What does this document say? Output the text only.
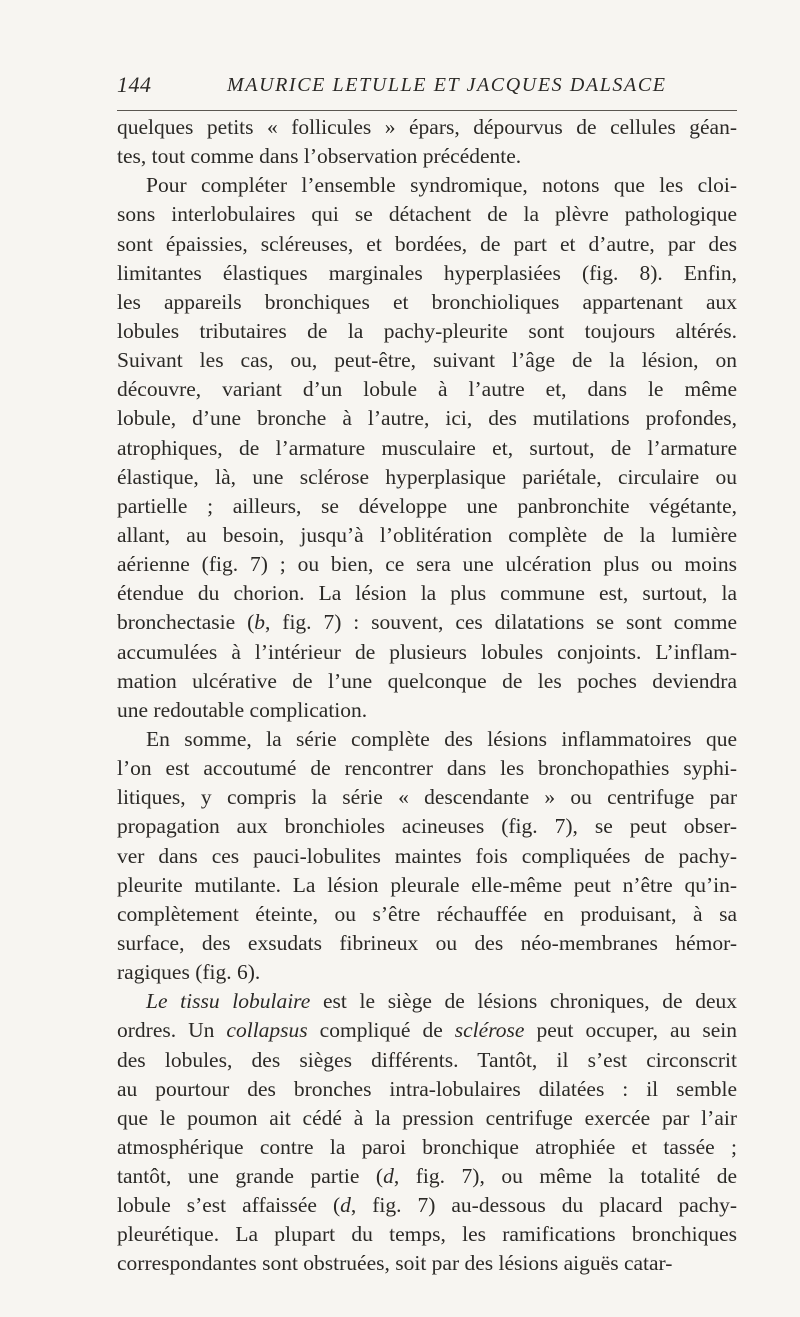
144	MAURICE LETULLE ET JACQUES DALSACE
quelques petits « follicules » épars, dépourvus de cellules géan-
tes, tout comme dans l’observation précédente.
Pour compléter l’ensemble syndromique, notons que les cloi-
sons interlobulaires qui se détachent de la plèvre pathologique
sont épaissies, scléreuses, et bordées, de part et d’autre, par des
limitantes élastiques marginales hyperplasiées (fig. 8). Enfin,
les appareils bronchiques et bronchioliques appartenant aux
lobules tributaires de la pachy-pleurite sont toujours altérés.
Suivant les cas, ou, peut-être, suivant l’âge de la lésion, on
découvre, variant d’un lobule à l’autre et, dans le même
lobule, d’une bronche à l’autre, ici, des mutilations profondes,
atrophiques, de l’armature musculaire et, surtout, de l’armature
élastique, là, une sclérose hyperplasique pariétale, circulaire ou
partielle ; ailleurs, se développe une panbronchite végétante,
allant, au besoin, jusqu’à l’oblitération complète de la lumière
aérienne (fig. 7) ; ou bien, ce sera une ulcération plus ou moins
étendue du chorion. La lésion la plus commune est, surtout, la
bronchectasie (b, fig. 7) : souvent, ces dilatations se sont comme
accumulées à l’intérieur de plusieurs lobules conjoints. L’inflam-
mation ulcérative de l’une quelconque de les poches deviendra
une redoutable complication.
En somme, la série complète des lésions inflammatoires que
l’on est accoutumé de rencontrer dans les bronchopathies syphi-
litiques, y compris la série « descendante » ou centrifuge par
propagation aux bronchioles acineuses (fig. 7), se peut obser-
ver dans ces pauci-lobulites maintes fois compliquées de pachy-
pleurite mutilante. La lésion pleurale elle-même peut n’être qu’in-
complètement éteinte, ou s’être réchauffée en produisant, à sa
surface, des exsudats fibrineux ou des néo-membranes hémor-
ragiques (fig. 6).
Le tissu lobulaire est le siège de lésions chroniques, de deux
ordres. Un collapsus compliqué de sclérose peut occuper, au sein
des lobules, des sièges différents. Tantôt, il s’est circonscrit
au pourtour des bronches intra-lobulaires dilatées : il semble
que le poumon ait cédé à la pression centrifuge exercée par l’air
atmosphérique contre la paroi bronchique atrophiée et tassée ;
tantôt, une grande partie (d, fig. 7), ou même la totalité de
lobule s’est affaissée (d, fig. 7) au-dessous du placard pachy-
pleurétique. La plupart du temps, les ramifications bronchiques
correspondantes sont obstruées, soit par des lésions aiguës catar-
